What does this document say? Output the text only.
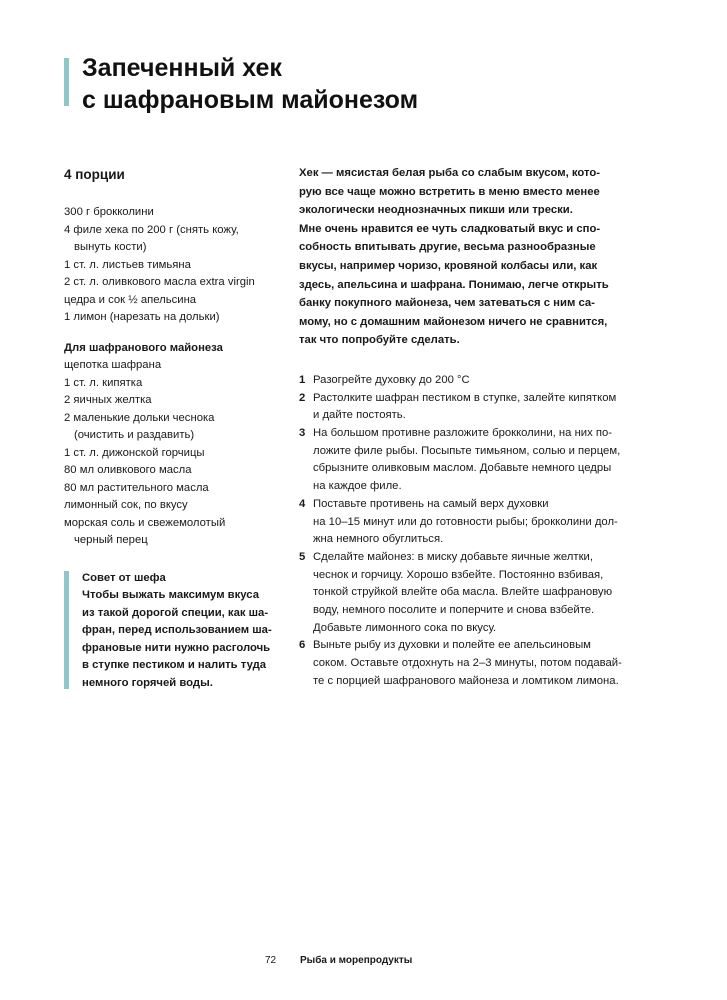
Запеченный хек
с шафрановым майонезом
4 порции
300 г брокколини
4 филе хека по 200 г (снять кожу,
вынуть кости)
1 ст. л. листьев тимьяна
2 ст. л. оливкового масла extra virgin
цедра и сок ½ апельсина
1 лимон (нарезать на дольки)
Для шафранового майонеза
щепотка шафрана
1 ст. л. кипятка
2 яичных желтка
2 маленькие дольки чеснока
(очистить и раздавить)
1 ст. л. дижонской горчицы
80 мл оливкового масла
80 мл растительного масла
лимонный сок, по вкусу
морская соль и свежемолотый
черный перец
Совет от шефа
Чтобы выжать максимум вкуса
из такой дорогой специи, как ша-
фран, перед использованием ша-
франовые нити нужно расголочь
в ступке пестиком и налить туда
немного горячей воды.
Хек — мясистая белая рыба со слабым вкусом, кото-
рую все чаще можно встретить в меню вместо менее
экологически неоднозначных пикши или трески.
Мне очень нравится ее чуть сладковатый вкус и спо-
собность впитывать другие, весьма разнообразные
вкусы, например чоризо, кровяной колбасы или, как
здесь, апельсина и шафрана. Понимаю, легче открыть
банку покупного майонеза, чем затеваться с ним са-
мому, но с домашним майонезом ничего не сравнится,
так что попробуйте сделать.
1 Разогрейте духовку до 200 °С
2 Растолките шафран пестиком в ступке, залейте кипятком
и дайте постоять.
3 На большом противне разложите брокколини, на них по-
ложите филе рыбы. Посыпьте тимьяном, солью и перцем,
сбрызните оливковым маслом. Добавьте немного цедры
на каждое филе.
4 Поставьте противень на самый верх духовки
на 10–15 минут или до готовности рыбы; брокколини дол-
жна немного обуглиться.
5 Сделайте майонез: в миску добавьте яичные желтки,
чеснок и горчицу. Хорошо взбейте. Постоянно взбивая,
тонкой струйкой влейте оба масла. Влейте шафрановую
воду, немного посолите и поперчите и снова взбейте.
Добавьте лимонного сока по вкусу.
6 Выньте рыбу из духовки и полейте ее апельсиновым
соком. Оставьте отдохнуть на 2–3 минуты, потом подавай-
те с порцией шафранового майонеза и ломтиком лимона.
72 Рыба и морепродукты
